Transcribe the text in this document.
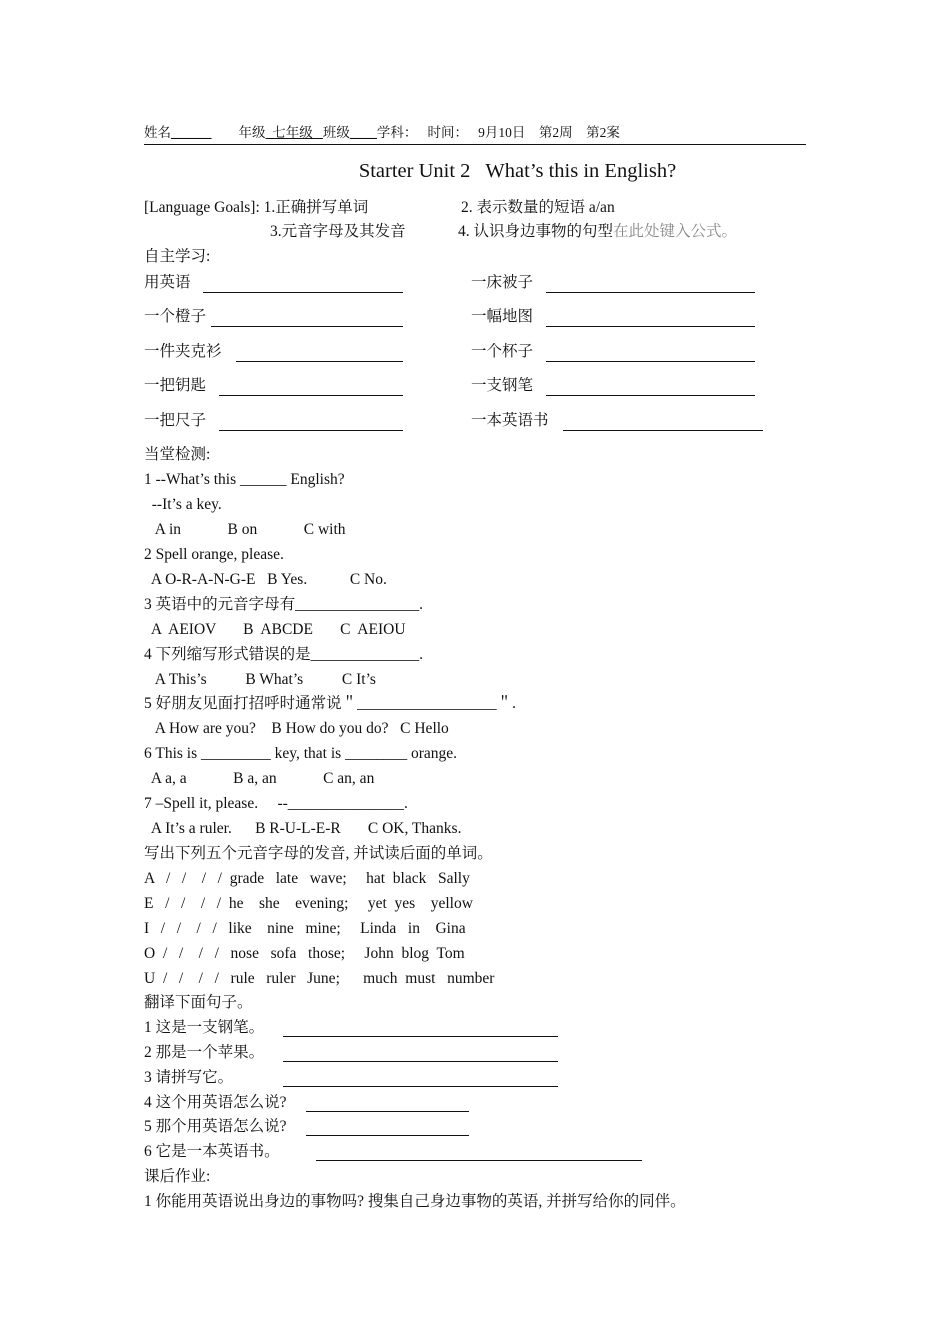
姓名______ 年级  七年级   班级____学科： 时间： 9月10日 第2周 第2案
Starter Unit 2   What’s this in English?
[Language Goals]: 1.正确拼写单词	2. 表示数量的短语 a/an
3.元音字母及其发音	4. 认识身边事物的句型在此处键入公式。
自主学习:
用英语	一床被子
一个橙子	一幅地图
一件夹克衫	一个杯子
一把钥匙	一支钢笔
一把尺子	一本英语书
当堂检测:
1 --What’s this ______ English?
--It’s a key.
A in            B on            C with
2 Spell orange, please.
A O-R-A-N-G-E   B Yes.           C No.
3 英语中的元音字母有________________.
A  AEIOV       B  ABCDE       C  AEIOU
4 下列缩写形式错误的是______________.
A This’s          B What’s          C It’s
5 好朋友见面打招呼时通常说＂__________________＂.
A How are you?    B How do you do?   C Hello
6 This is _________ key, that is ________ orange.
A a, a            B a, an            C an, an
7 –Spell it, please.     --_______________.
A It’s a ruler.      B R-U-L-E-R       C OK, Thanks.
写出下列五个元音字母的发音, 并试读后面的单词。
A   /   /    /   /  grade   late   wave;     hat  black   Sally
E   /   /    /   /  he    she    evening;     yet  yes    yellow
I   /   /    /   /   like    nine   mine;     Linda   in    Gina
O  /   /    /   /   nose   sofa   those;     John  blog  Tom
U  /   /    /   /   rule   ruler   June;      much  must   number
翻译下面句子。
1 这是一支钢笔。
2 那是一个苹果。
3 请拼写它。
4 这个用英语怎么说?
5 那个用英语怎么说?
6 它是一本英语书。
课后作业:
1 你能用英语说出身边的事物吗? 搜集自己身边事物的英语, 并拼写给你的同伴。
